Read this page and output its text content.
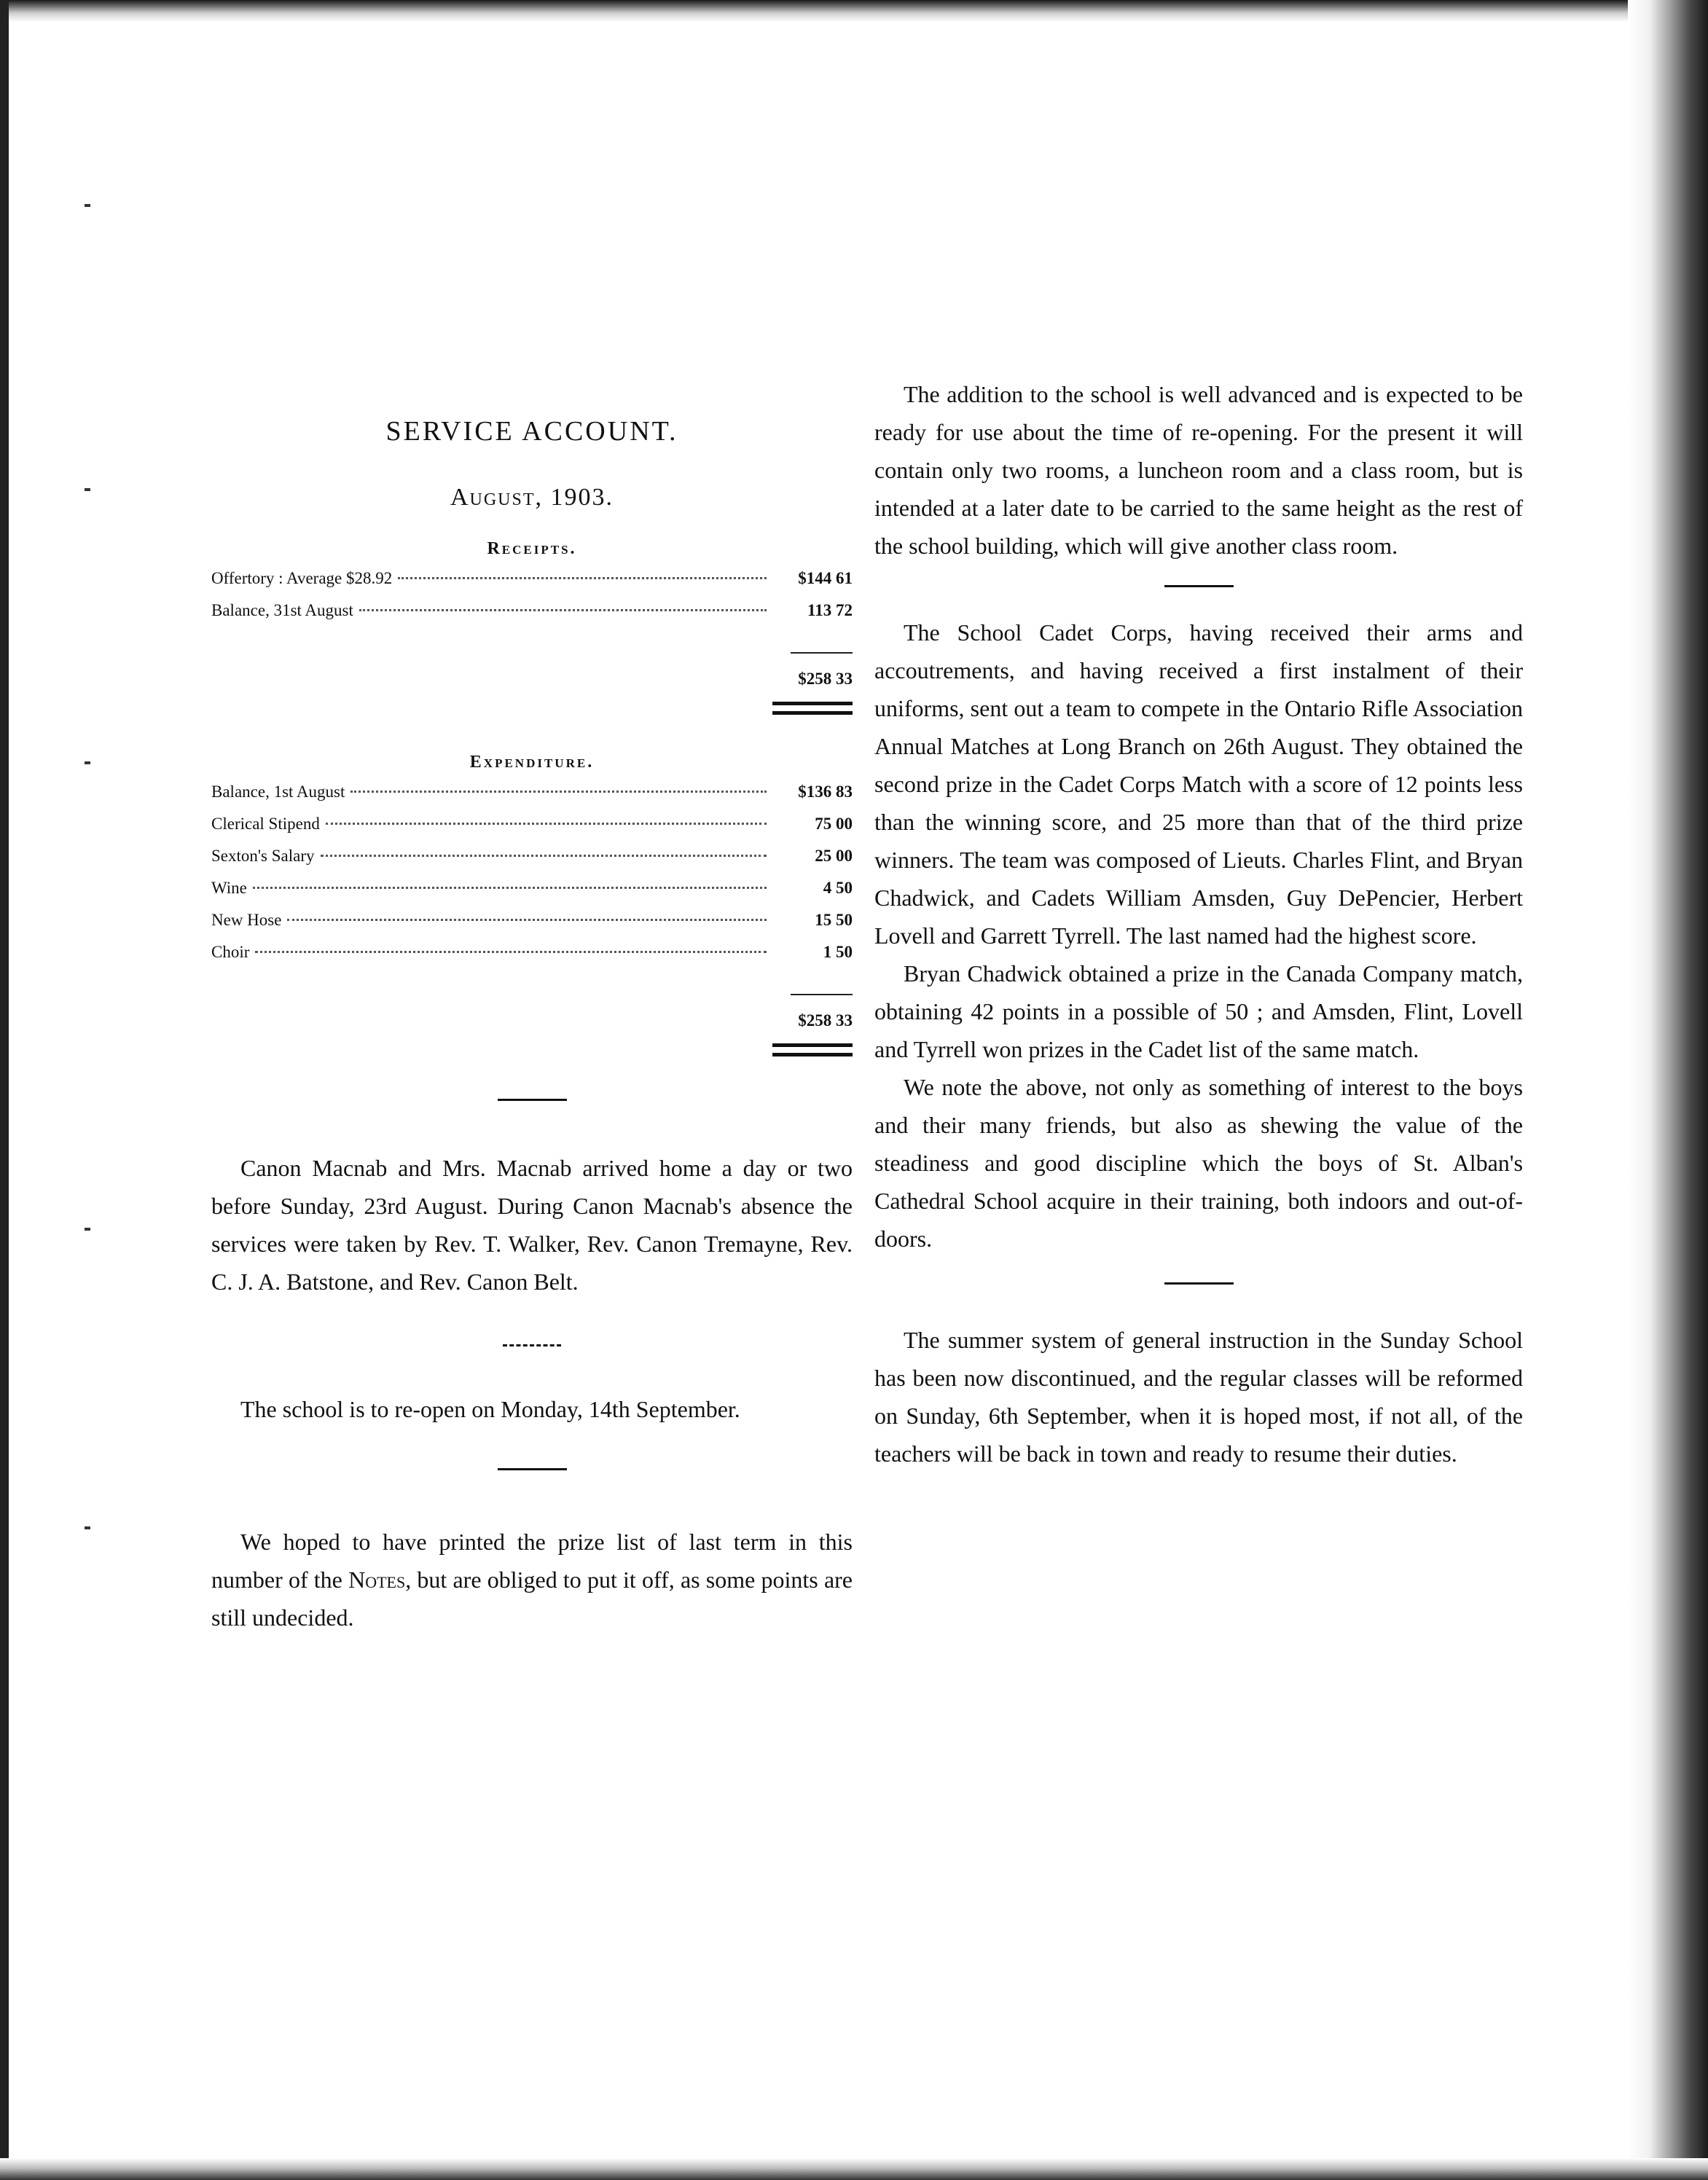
SERVICE ACCOUNT.
August, 1903.
Receipts.
Offertory : Average $28.92	$144 61
Balance, 31st August	113 72
$258 33
Expenditure.
Balance, 1st August	$136 83
Clerical Stipend	75 00
Sexton's Salary	25 00
Wine	4 50
New Hose	15 50
Choir	1 50
$258 33

Canon Macnab and Mrs. Macnab arrived home a day or two before Sunday, 23rd August. During Canon Macnab's absence the services were taken by Rev. T. Walker, Rev. Canon Tremayne, Rev. C. J. A. Batstone, and Rev. Canon Belt.

The school is to re-open on Monday, 14th September.

We hoped to have printed the prize list of last term in this number of the Notes, but are obliged to put it off, as some points are still undecided.

The addition to the school is well advanced and is expected to be ready for use about the time of re-opening. For the present it will contain only two rooms, a luncheon room and a class room, but is intended at a later date to be carried to the same height as the rest of the school building, which will give another class room.

The School Cadet Corps, having received their arms and accoutrements, and having received a first instalment of their uniforms, sent out a team to compete in the Ontario Rifle Association Annual Matches at Long Branch on 26th August. They obtained the second prize in the Cadet Corps Match with a score of 12 points less than the winning score, and 25 more than that of the third prize winners. The team was composed of Lieuts. Charles Flint, and Bryan Chadwick, and Cadets William Amsden, Guy DePencier, Herbert Lovell and Garrett Tyrrell. The last named had the highest score.

Bryan Chadwick obtained a prize in the Canada Company match, obtaining 42 points in a possible of 50 ; and Amsden, Flint, Lovell and Tyrrell won prizes in the Cadet list of the same match.

We note the above, not only as something of interest to the boys and their many friends, but also as shewing the value of the steadiness and good discipline which the boys of St. Alban's Cathedral School acquire in their training, both indoors and out-of-doors.

The summer system of general instruction in the Sunday School has been now discontinued, and the regular classes will be reformed on Sunday, 6th September, when it is hoped most, if not all, of the teachers will be back in town and ready to resume their duties.
